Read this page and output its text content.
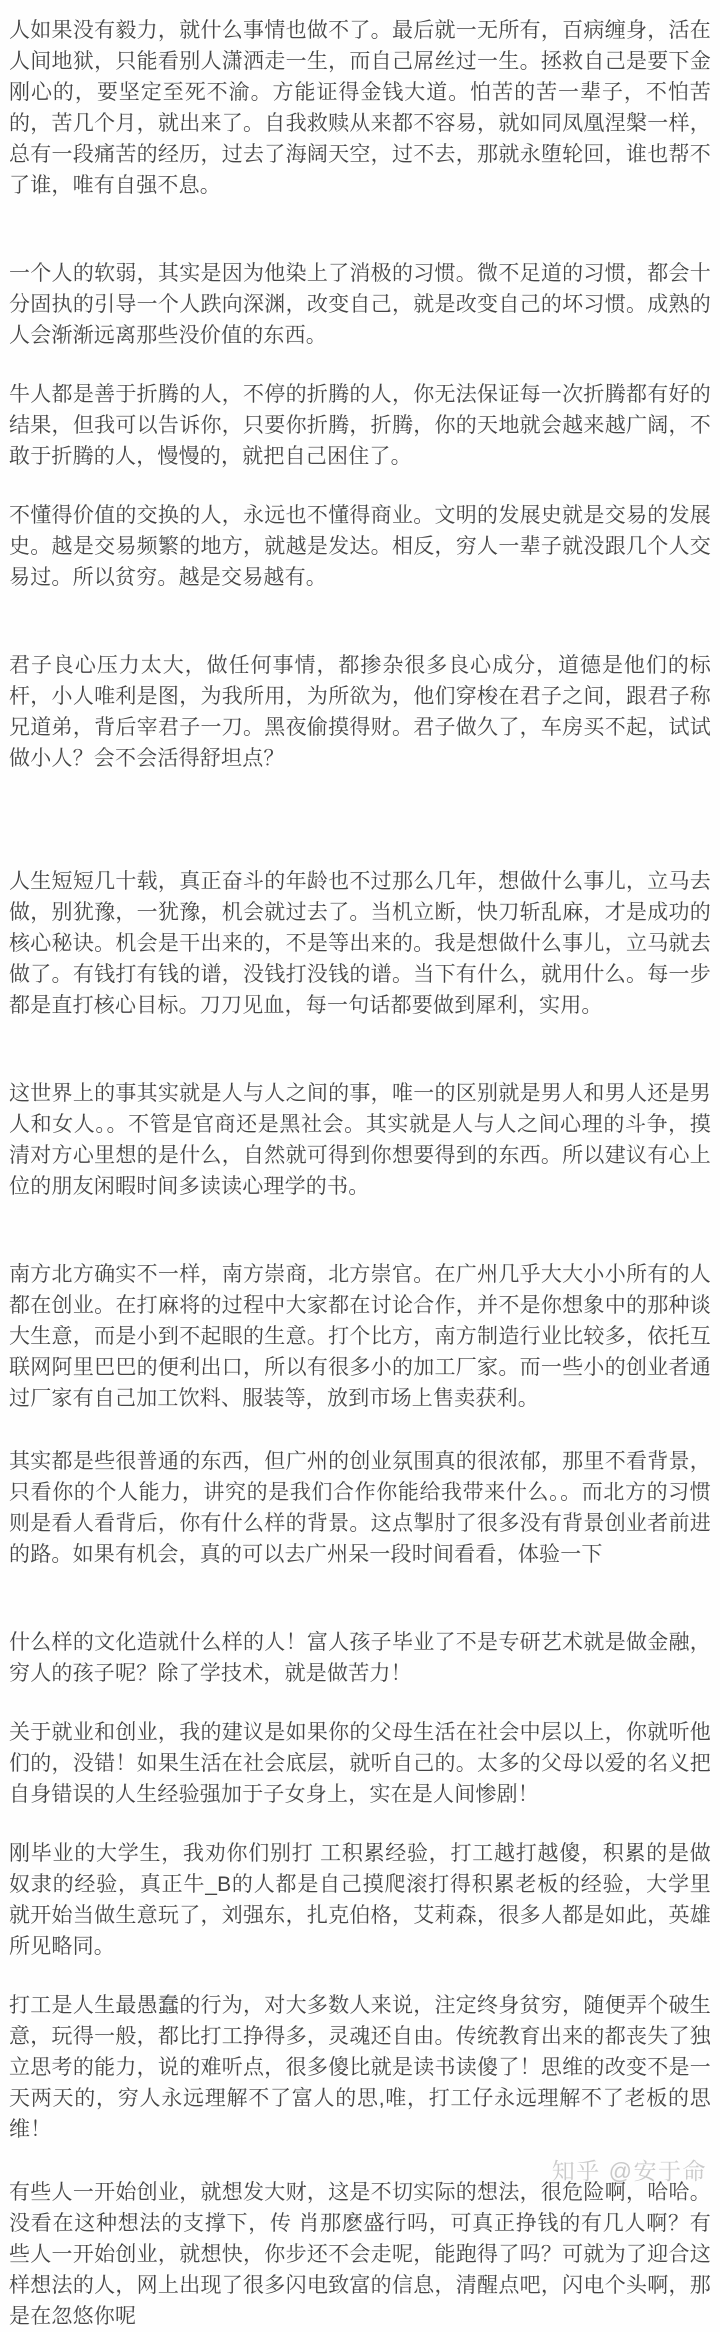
人如果没有毅力，就什么事情也做不了。最后就一无所有，百病缠身，活在人间地狱，只能看别人潇洒走一生，而自己屌丝过一生。拯救自己是要下金刚心的，要坚定至死不渝。方能证得金钱大道。怕苦的苦一辈子，不怕苦的，苦几个月，就出来了。自我救赎从来都不容易，就如同凤凰涅槃一样，总有一段痛苦的经历，过去了海阔天空，过不去，那就永堕轮回，谁也帮不了谁，唯有自强不息。

一个人的软弱，其实是因为他染上了消极的习惯。微不足道的习惯，都会十分固执的引导一个人跌向深渊，改变自己，就是改变自己的坏习惯。成熟的人会渐渐远离那些没价值的东西。

牛人都是善于折腾的人，不停的折腾的人，你无法保证每一次折腾都有好的结果，但我可以告诉你，只要你折腾，折腾，你的天地就会越来越广阔，不敢于折腾的人，慢慢的，就把自己困住了。

不懂得价值的交换的人，永远也不懂得商业。文明的发展史就是交易的发展史。越是交易频繁的地方，就越是发达。相反，穷人一辈子就没跟几个人交易过。所以贫穷。越是交易越有。

君子良心压力太大，做任何事情，都掺杂很多良心成分，道德是他们的标杆，小人唯利是图，为我所用，为所欲为，他们穿梭在君子之间，跟君子称兄道弟，背后宰君子一刀。黑夜偷摸得财。君子做久了，车房买不起，试试做小人？会不会活得舒坦点？

人生短短几十载，真正奋斗的年龄也不过那么几年，想做什么事儿，立马去做，别犹豫，一犹豫，机会就过去了。当机立断，快刀斩乱麻，才是成功的核心秘诀。机会是干出来的，不是等出来的。我是想做什么事儿，立马就去做了。有钱打有钱的谱，没钱打没钱的谱。当下有什么，就用什么。每一步都是直打核心目标。刀刀见血，每一句话都要做到犀利，实用。

这世界上的事其实就是人与人之间的事，唯一的区别就是男人和男人还是男人和女人。。不管是官商还是黑社会。其实就是人与人之间心理的斗争，摸清对方心里想的是什么，自然就可得到你想要得到的东西。所以建议有心上位的朋友闲暇时间多读读心理学的书。

南方北方确实不一样，南方崇商，北方崇官。在广州几乎大大小小所有的人都在创业。在打麻将的过程中大家都在讨论合作，并不是你想象中的那种谈大生意，而是小到不起眼的生意。打个比方，南方制造行业比较多，依托互联网阿里巴巴的便利出口，所以有很多小的加工厂家。而一些小的创业者通过厂家有自己加工饮料、服装等，放到市场上售卖获利。

其实都是些很普通的东西，但广州的创业氛围真的很浓郁，那里不看背景，只看你的个人能力，讲究的是我们合作你能给我带来什么。。而北方的习惯则是看人看背后，你有什么样的背景。这点掣肘了很多没有背景创业者前进的路。如果有机会，真的可以去广州呆一段时间看看，体验一下

什么样的文化造就什么样的人！富人孩子毕业了不是专研艺术就是做金融，穷人的孩子呢？除了学技术，就是做苦力！

关于就业和创业，我的建议是如果你的父母生活在社会中层以上，你就听他们的，没错！如果生活在社会底层，就听自己的。太多的父母以爱的名义把自身错误的人生经验强加于子女身上，实在是人间惨剧！

刚毕业的大学生，我劝你们别打 工积累经验，打工越打越傻，积累的是做奴隶的经验，真正牛_B的人都是自己摸爬滚打得积累老板的经验，大学里就开始当做生意玩了，刘强东，扎克伯格，艾莉森，很多人都是如此，英雄所见略同。

打工是人生最愚蠢的行为，对大多数人来说，注定终身贫穷，随便弄个破生意，玩得一般，都比打工挣得多，灵魂还自由。传统教育出来的都丧失了独立思考的能力，说的难听点，很多傻比就是读书读傻了！思维的改变不是一天两天的，穷人永远理解不了富人的思,唯，打工仔永远理解不了老板的思维！

有些人一开始创业，就想发大财，这是不切实际的想法，很危险啊，哈哈。没看在这种想法的支撑下，传 肖那麽盛行吗，可真正挣钱的有几人啊？有些人一开始创业，就想快，你步还不会走呢，能跑得了吗？可就为了迎合这样想法的人，网上出现了很多闪电致富的信息，清醒点吧，闪电个头啊，那是在忽悠你呢

知乎 @安于命
